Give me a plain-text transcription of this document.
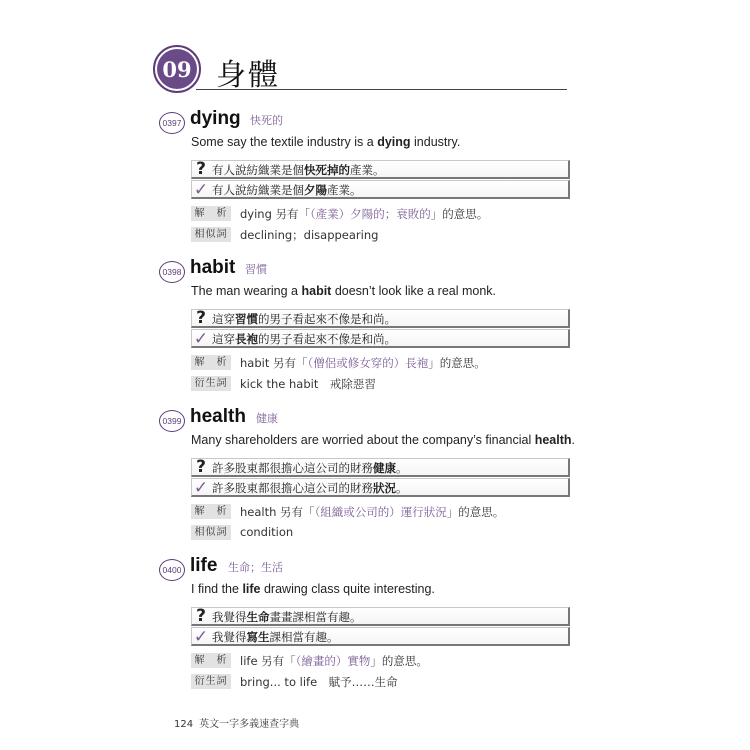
09 身體
0397 dying 快死的
Some say the textile industry is a dying industry.
? 有人說紡織業是個快死掉的產業。
✓ 有人說紡織業是個夕陽產業。
解　析	dying 另有「（產業）夕陽的；衰敗的」的意思。
相似詞	declining；disappearing
0398 habit 習慣
The man wearing a habit doesn’t look like a real monk.
? 這穿習慣的男子看起來不像是和尚。
✓ 這穿長袍的男子看起來不像是和尚。
解　析	habit 另有「（僧侶或修女穿的）長袍」的意思。
衍生詞	kick the habit　戒除惡習
0399 health 健康
Many shareholders are worried about the company’s financial health.
? 許多股東都很擔心這公司的財務健康。
✓ 許多股東都很擔心這公司的財務狀況。
解　析	health 另有「（組織或公司的）運行狀況」的意思。
相似詞	condition
0400 life 生命；生活
I find the life drawing class quite interesting.
? 我覺得生命畫畫課相當有趣。
✓ 我覺得寫生課相當有趣。
解　析	life 另有「（繪畫的）實物」的意思。
衍生詞	bring... to life　賦予……生命
124 英文一字多義速查字典
